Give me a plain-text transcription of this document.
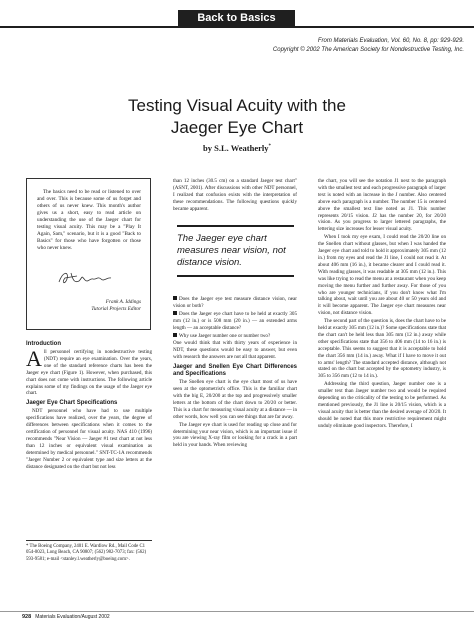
Back to Basics
From Materials Evaluation, Vol. 60, No. 8, pp: 929-929.
Copyright © 2002 The American Society for Nondestructive Testing, Inc.
Testing Visual Acuity with the
Jaeger Eye Chart
by S.L. Weatherly*

The basics need to be read or listened to over and over. This is because some of us forget and others of us never knew. This month's author gives us a short, easy to read article on understanding the use of the Jaeger chart for testing visual acuity. This may be a "Play It Again, Sam," scenario, but it is a good "Back to Basics" for those who have forgotten or those who never knew.

Frank A. Iddings
Tutorial Projects Editor
Introduction

All personnel certifying in nondestructive testing (NDT) require an eye examination. Over the years, one of the standard reference charts has been the Jaeger eye chart (Figure 1). However, when purchased, this chart does not come with instructions. The following article explains some of my findings on the usage of the Jaeger eye chart.

Jaeger Eye Chart Specifications

NDT personnel who have had to use multiple specifications have realized, over the years, the degree of differences between specifications when it comes to the certification of personnel for visual acuity. NAS 410 (1996) recommends "Near Vision — Jaeger #1 test chart at not less than 12 inches or equivalent visual examination as determined by medical personnel." SNT-TC-1A recommends "Jaeger Number 2 or equivalent type and size letters at the distance designated on the chart but not less

* The Boeing Company, 2401 E. Wardlow Rd., Mail Code C1 054-0023, Long Beach, CA 90807; (562) 982-7073; fax: (562) 593-9581; e-mail <stanley.l.weatherly@boeing.com>.

than 12 inches (30.5 cm) on a standard Jaeger test chart" (ASNT, 2001). After discussions with other NDT personnel, I realized that confusion exists with the interpretation of these recommendations. The following questions quickly became apparent.

The Jaeger eye chart measures near vision, not distance vision.

Does the Jaeger eye test measure distance vision, near vision or both?

Does the Jaeger eye chart have to be held at exactly 305 mm (12 in.) or is 508 mm (20 in.) — an extended arms length — an acceptable distance?

Why use Jaeger number one or number two?

One would think that with thirty years of experience in NDT, these questions would be easy to answer, but even with research the answers are not all that apparent.

Jaeger and Snellen Eye Chart Differences and Specifications

The Snellen eye chart is the eye chart most of us have seen at the optometrist's office. This is the familiar chart with the big E, 20/200 at the top and progressively smaller letters at the bottom of the chart down to 20/20 or better. This is a chart for measuring visual acuity at a distance — in other words, how well you can see things that are far away.

The Jaeger eye chart is used for reading up close and for determining your near vision, which is an important issue if you are viewing X-ray film or looking for a crack in a part held in your hands. When reviewing

the chart, you will see the notation J1 next to the paragraph with the smallest text and each progressive paragraph of larger text is noted with an increase in the J number. Also centered above each paragraph is a number. The number 15 is centered above the smallest text line noted as J1. This number represents 20/15 vision. J2 has the number 20, for 20/20 vision. As you progress to larger lettered paragraphs, the lettering size increases for lesser visual acuity.

When I took my eye exam, I could read the 20/20 line on the Snellen chart without glasses, but when I was handed the Jaeger eye chart and told to hold it approximately 305 mm (12 in.) from my eyes and read the J1 line, I could not read it. At about 406 mm (16 in.), it became clearer and I could read it. With reading glasses, it was readable at 305 mm (12 in.). This was like trying to read the menu at a restaurant when you keep moving the menu further and further away. For those of you who are younger technicians, if you don't know what I'm talking about, wait until you are about 40 or 50 years old and it will become apparent. The Jaeger eye chart measures near vision, not distance vision.

The second part of the question is, does the chart have to be held at exactly 305 mm (12 in.)? Some specifications state that the chart can't be held less than 305 mm (12 in.) away while other specifications state that 356 to 406 mm (14 to 16 in.) is acceptable. This seems to suggest that it is acceptable to hold the chart 356 mm (14 in.) away. What if I have to move it out to arms' length? The standard accepted distance, although not stated on the chart but accepted by the optometry industry, is 305 to 356 mm (12 to 14 in.).

Addressing the third question, Jaeger number one is a smaller text than Jaeger number two and would be required depending on the criticality of the testing to be performed. As mentioned previously, the J1 line is 20/15 vision, which is a visual acuity that is better than the desired average of 20/20. It should be noted that this more restrictive requirement might unduly eliminate good inspectors. Therefore, I

928 Materials Evaluation/August 2002
